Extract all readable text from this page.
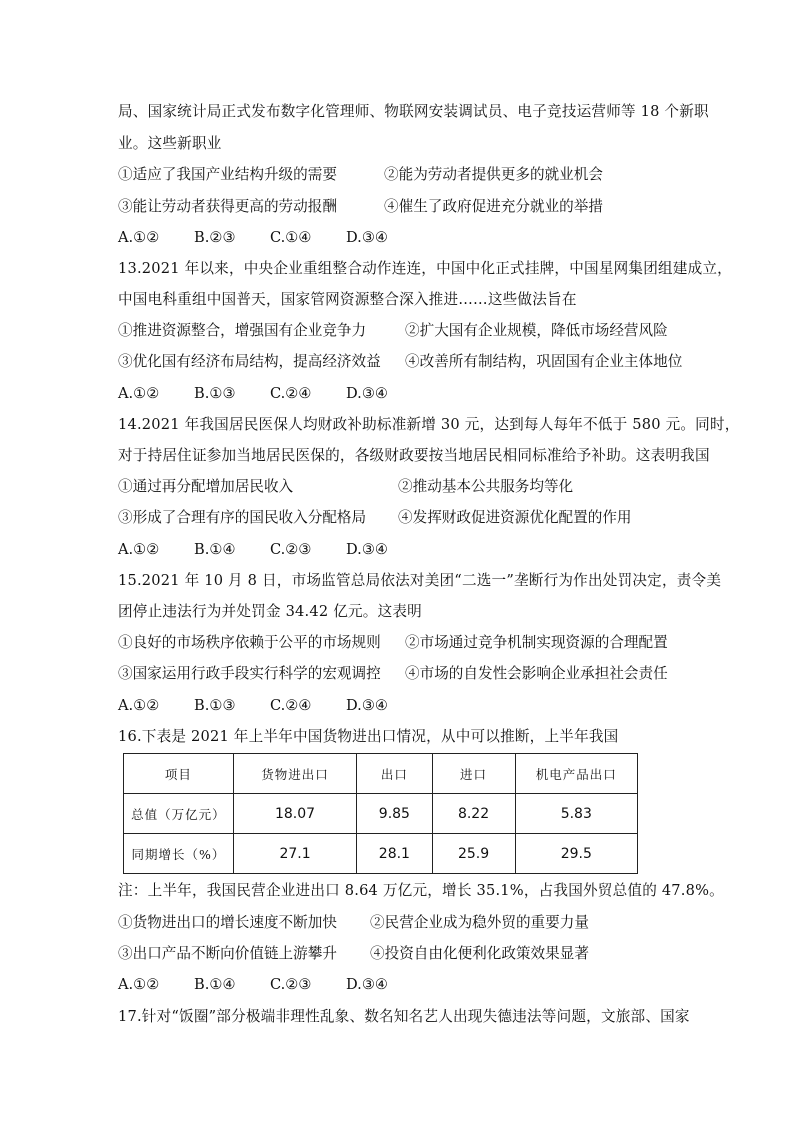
局、国家统计局正式发布数字化管理师、物联网安装调试员、电子竞技运营师等 18 个新职
业。这些新职业
①适应了我国产业结构升级的需要	②能为劳动者提供更多的就业机会
③能让劳动者获得更高的劳动报酬	④催生了政府促进充分就业的举措
A.①② B.②③ C.①④ D.③④
13.2021 年以来，中央企业重组整合动作连连，中国中化正式挂牌，中国星网集团组建成立，
中国电科重组中国普天，国家管网资源整合深入推进……这些做法旨在
①推进资源整合，增强国有企业竞争力	②扩大国有企业规模，降低市场经营风险
③优化国有经济布局结构，提高经济效益 ④改善所有制结构，巩固国有企业主体地位
A.①② B.①③ C.②④ D.③④
14.2021 年我国居民医保人均财政补助标准新增 30 元，达到每人每年不低于 580 元。同时，
对于持居住证参加当地居民医保的，各级财政要按当地居民相同标准给予补助。这表明我国
①通过再分配增加居民收入	②推动基本公共服务均等化
③形成了合理有序的国民收入分配格局 ④发挥财政促进资源优化配置的作用
A.①② B.①④ C.②③ D.③④
15.2021 年 10 月 8 日，市场监管总局依法对美团“二选一”垄断行为作出处罚决定，责令美
团停止违法行为并处罚金 34.42 亿元。这表明
①良好的市场秩序依赖于公平的市场规则 ②市场通过竞争机制实现资源的合理配置
③国家运用行政手段实行科学的宏观调控 ④市场的自发性会影响企业承担社会责任
A.①② B.①③ C.②④ D.③④
16.下表是 2021 年上半年中国货物进出口情况，从中可以推断，上半年我国
项目	货物进出口	出口	进口	机电产品出口
总值（万亿元）	18.07	9.85	8.22	5.83
同期增长（%）	27.1	28.1	25.9	29.5
注：上半年，我国民营企业进出口 8.64 万亿元，增长 35.1%，占我国外贸总值的 47.8%。
①货物进出口的增长速度不断加快 ②民营企业成为稳外贸的重要力量
③出口产品不断向价值链上游攀升 ④投资自由化便利化政策效果显著
A.①② B.①④ C.②③ D.③④
17.针对“饭圈”部分极端非理性乱象、数名知名艺人出现失德违法等问题，文旅部、国家
